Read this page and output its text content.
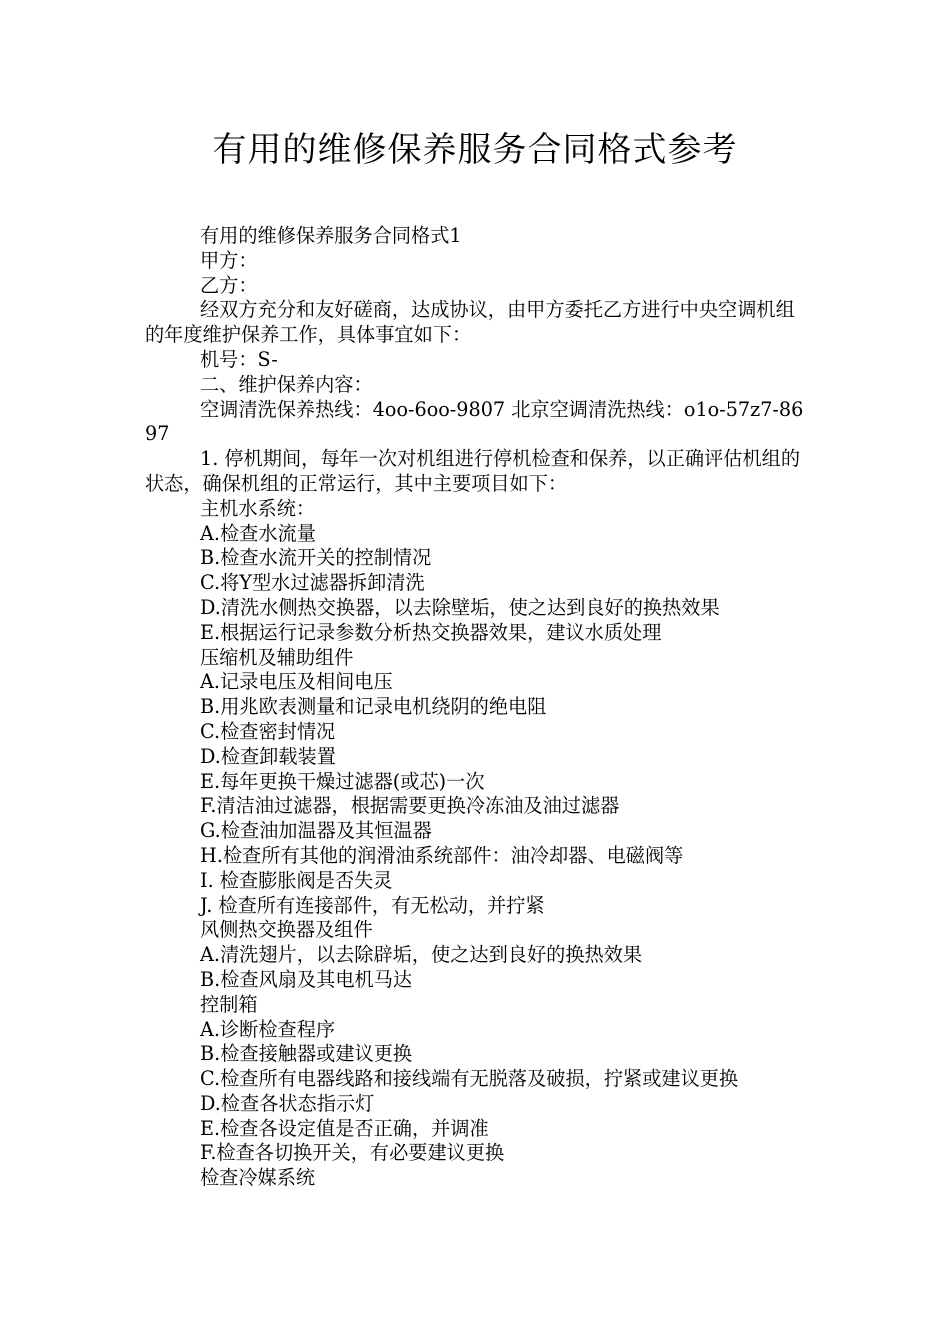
有用的维修保养服务合同格式参考

有用的维修保养服务合同格式1

甲方：

乙方：

经双方充分和友好磋商，达成协议，由甲方委托乙方进行中央空调机组的年度维护保养工作，具体事宜如下：

机号：S-

二、维护保养内容：

空调清洗保养热线：4oo-6oo-9807 北京空调清洗热线：o1o-57z7-8697

1. 停机期间，每年一次对机组进行停机检查和保养，以正确评估机组的状态，确保机组的正常运行，其中主要项目如下：

主机水系统：

A.检查水流量

B.检查水流开关的控制情况

C.将Y型水过滤器拆卸清洗

D.清洗水侧热交换器，以去除壁垢，使之达到良好的换热效果

E.根据运行记录参数分析热交换器效果，建议水质处理

压缩机及辅助组件

A.记录电压及相间电压

B.用兆欧表测量和记录电机绕阴的绝电阻

C.检查密封情况

D.检查卸载装置

E.每年更换干燥过滤器(或芯)一次

F.清洁油过滤器，根据需要更换冷冻油及油过滤器

G.检查油加温器及其恒温器

H.检查所有其他的润滑油系统部件：油冷却器、电磁阀等

I. 检查膨胀阀是否失灵

J. 检查所有连接部件，有无松动，并拧紧

风侧热交换器及组件

A.清洗翅片，以去除辟垢，使之达到良好的换热效果

B.检查风扇及其电机马达

控制箱

A.诊断检查程序

B.检查接触器或建议更换

C.检查所有电器线路和接线端有无脱落及破损，拧紧或建议更换

D.检查各状态指示灯

E.检查各设定值是否正确，并调准

F.检查各切换开关，有必要建议更换

检查冷媒系统
